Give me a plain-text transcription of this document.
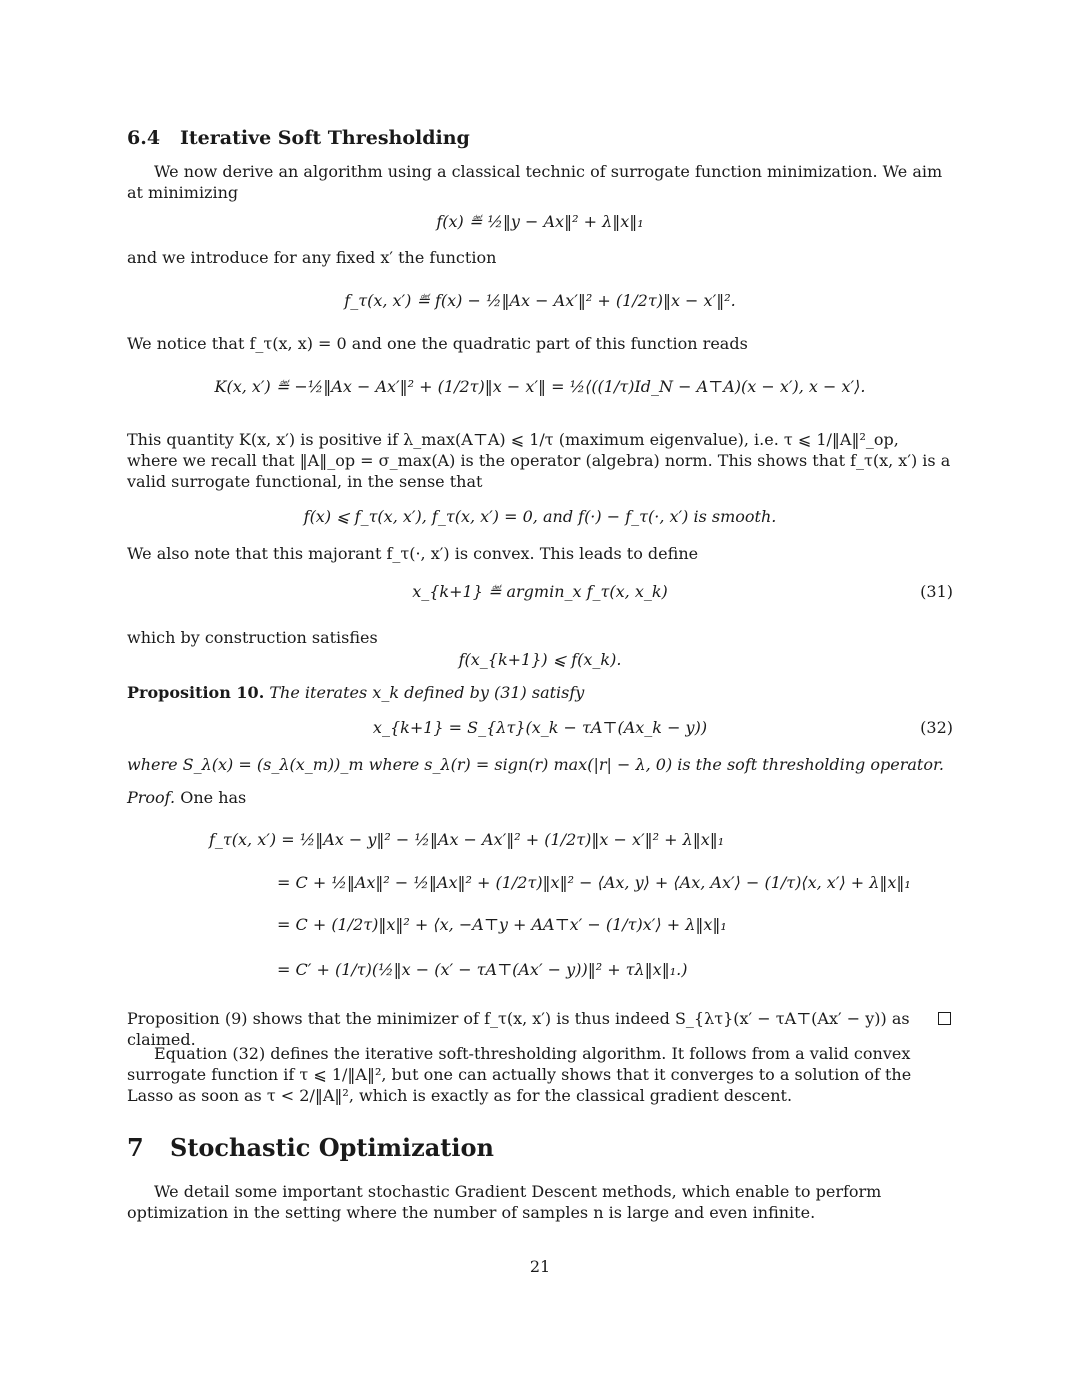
6.4 Iterative Soft Thresholding
We now derive an algorithm using a classical technic of surrogate function minimization. We aim at minimizing
f(x) ≝ ½‖y − Ax‖² + λ‖x‖₁
and we introduce for any fixed x′ the function
f_τ(x, x′) ≝ f(x) − ½‖Ax − Ax′‖² + (1/2τ)‖x − x′‖².
We notice that f_τ(x, x) = 0 and one the quadratic part of this function reads
K(x, x′) ≝ −½‖Ax − Ax′‖² + (1/2τ)‖x − x′‖ = ½⟨((1/τ)Id_N − A⊤A)(x − x′), x − x′⟩.
This quantity K(x, x′) is positive if λ_max(A⊤A) ⩽ 1/τ (maximum eigenvalue), i.e. τ ⩽ 1/‖A‖²_op, where we recall that ‖A‖_op = σ_max(A) is the operator (algebra) norm. This shows that f_τ(x, x′) is a valid surrogate functional, in the sense that
f(x) ⩽ f_τ(x, x′), f_τ(x, x′) = 0, and f(·) − f_τ(·, x′) is smooth.
We also note that this majorant f_τ(·, x′) is convex. This leads to define
x_{k+1} ≝ argmin_x f_τ(x, x_k)	(31)
which by construction satisfies
f(x_{k+1}) ⩽ f(x_k).
Proposition 10. The iterates x_k defined by (31) satisfy
x_{k+1} = S_{λτ}(x_k − τA⊤(Ax_k − y))	(32)
where S_λ(x) = (s_λ(x_m))_m where s_λ(r) = sign(r) max(|r| − λ, 0) is the soft thresholding operator.
Proof. One has
f_τ(x, x′) = ½‖Ax − y‖² − ½‖Ax − Ax′‖² + (1/2τ)‖x − x′‖² + λ‖x‖₁
= C + ½‖Ax‖² − ½‖Ax‖² + (1/2τ)‖x‖² − ⟨Ax, y⟩ + ⟨Ax, Ax′⟩ − (1/τ)⟨x, x′⟩ + λ‖x‖₁
= C + (1/2τ)‖x‖² + ⟨x, −A⊤y + AA⊤x′ − (1/τ)x′⟩ + λ‖x‖₁
= C′ + (1/τ)(½‖x − (x′ − τA⊤(Ax′ − y))‖² + τλ‖x‖₁.)
Proposition (9) shows that the minimizer of f_τ(x, x′) is thus indeed S_{λτ}(x′ − τA⊤(Ax′ − y)) as claimed.
Equation (32) defines the iterative soft-thresholding algorithm. It follows from a valid convex surrogate function if τ ⩽ 1/‖A‖², but one can actually shows that it converges to a solution of the Lasso as soon as τ < 2/‖A‖², which is exactly as for the classical gradient descent.
7 Stochastic Optimization
We detail some important stochastic Gradient Descent methods, which enable to perform optimization in the setting where the number of samples n is large and even infinite.
21
